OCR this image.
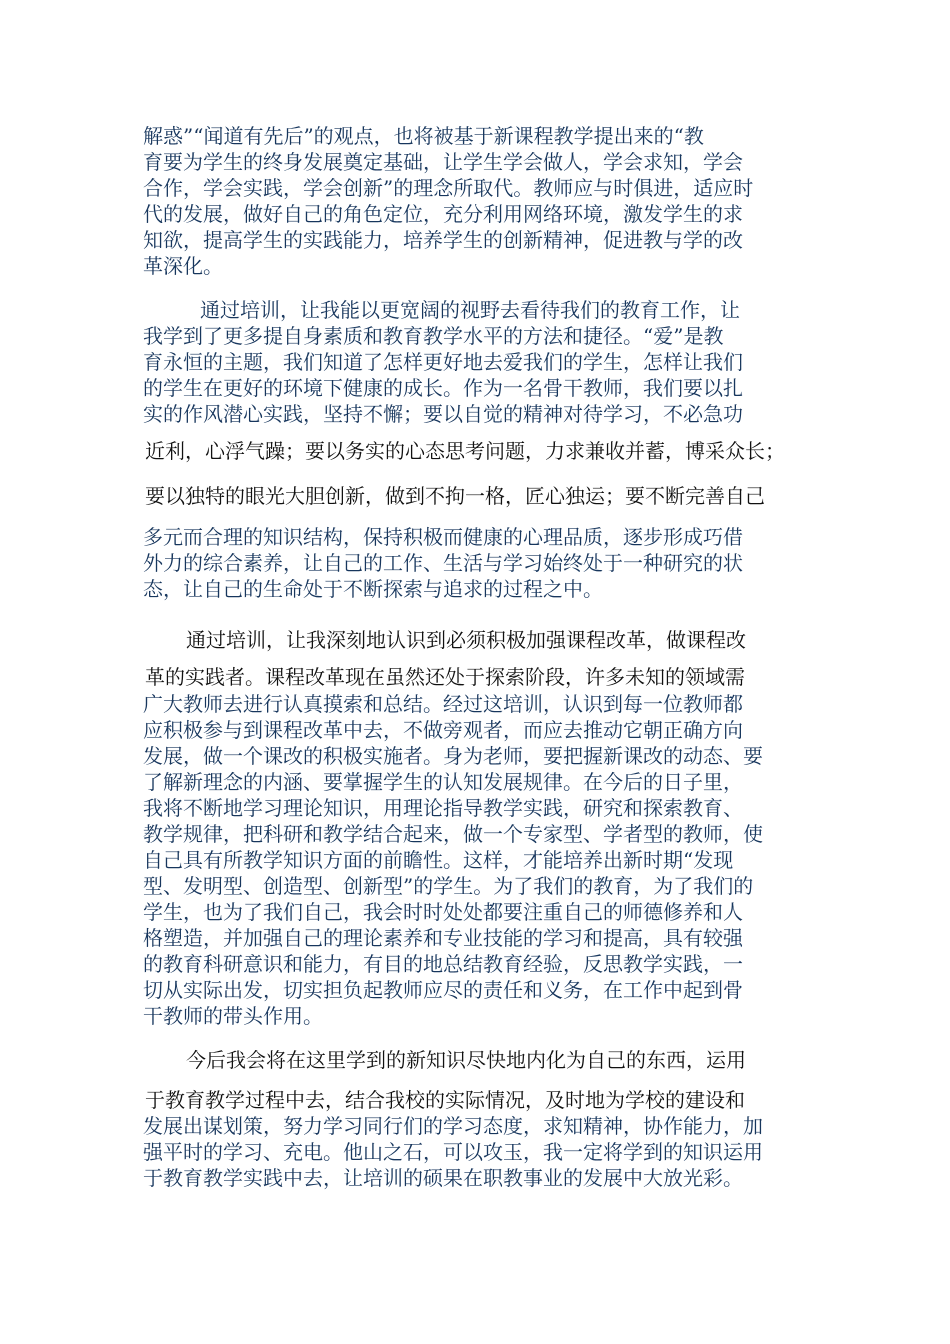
解惑”“闻道有先后”的观点，也将被基于新课程教学提出来的“教

育要为学生的终身发展奠定基础，让学生学会做人，学会求知，学会

合作，学会实践，学会创新”的理念所取代。教师应与时俱进，适应时

代的发展，做好自己的角色定位，充分利用网络环境，激发学生的求

知欲，提高学生的实践能力，培养学生的创新精神，促进教与学的改

革深化。

通过培训，让我能以更宽阔的视野去看待我们的教育工作，让

我学到了更多提自身素质和教育教学水平的方法和捷径。“爱”是教

育永恒的主题，我们知道了怎样更好地去爱我们的学生，怎样让我们

的学生在更好的环境下健康的成长。作为一名骨干教师，我们要以扎

实的作风潜心实践，坚持不懈；要以自觉的精神对待学习，不必急功

近利，心浮气躁；要以务实的心态思考问题，力求兼收并蓄，博采众长；

要以独特的眼光大胆创新，做到不拘一格，匠心独运；要不断完善自己

多元而合理的知识结构，保持积极而健康的心理品质，逐步形成巧借

外力的综合素养，让自己的工作、生活与学习始终处于一种研究的状

态，让自己的生命处于不断探索与追求的过程之中。

通过培训，让我深刻地认识到必须积极加强课程改革，做课程改

革的实践者。课程改革现在虽然还处于探索阶段，许多未知的领域需

广大教师去进行认真摸索和总结。经过这培训，认识到每一位教师都

应积极参与到课程改革中去，不做旁观者，而应去推动它朝正确方向

发展，做一个课改的积极实施者。身为老师，要把握新课改的动态、要

了解新理念的内涵、要掌握学生的认知发展规律。在今后的日子里，

我将不断地学习理论知识，用理论指导教学实践，研究和探索教育、

教学规律，把科研和教学结合起来，做一个专家型、学者型的教师，使

自己具有所教学知识方面的前瞻性。这样，才能培养出新时期“发现

型、发明型、创造型、创新型”的学生。为了我们的教育，为了我们的

学生，也为了我们自己，我会时时处处都要注重自己的师德修养和人

格塑造，并加强自己的理论素养和专业技能的学习和提高，具有较强

的教育科研意识和能力，有目的地总结教育经验，反思教学实践，一

切从实际出发，切实担负起教师应尽的责任和义务，在工作中起到骨

干教师的带头作用。

今后我会将在这里学到的新知识尽快地内化为自己的东西，运用

于教育教学过程中去，结合我校的实际情况，及时地为学校的建设和

发展出谋划策，努力学习同行们的学习态度，求知精神，协作能力，加

强平时的学习、充电。他山之石，可以攻玉，我一定将学到的知识运用

于教育教学实践中去，让培训的硕果在职教事业的发展中大放光彩。
